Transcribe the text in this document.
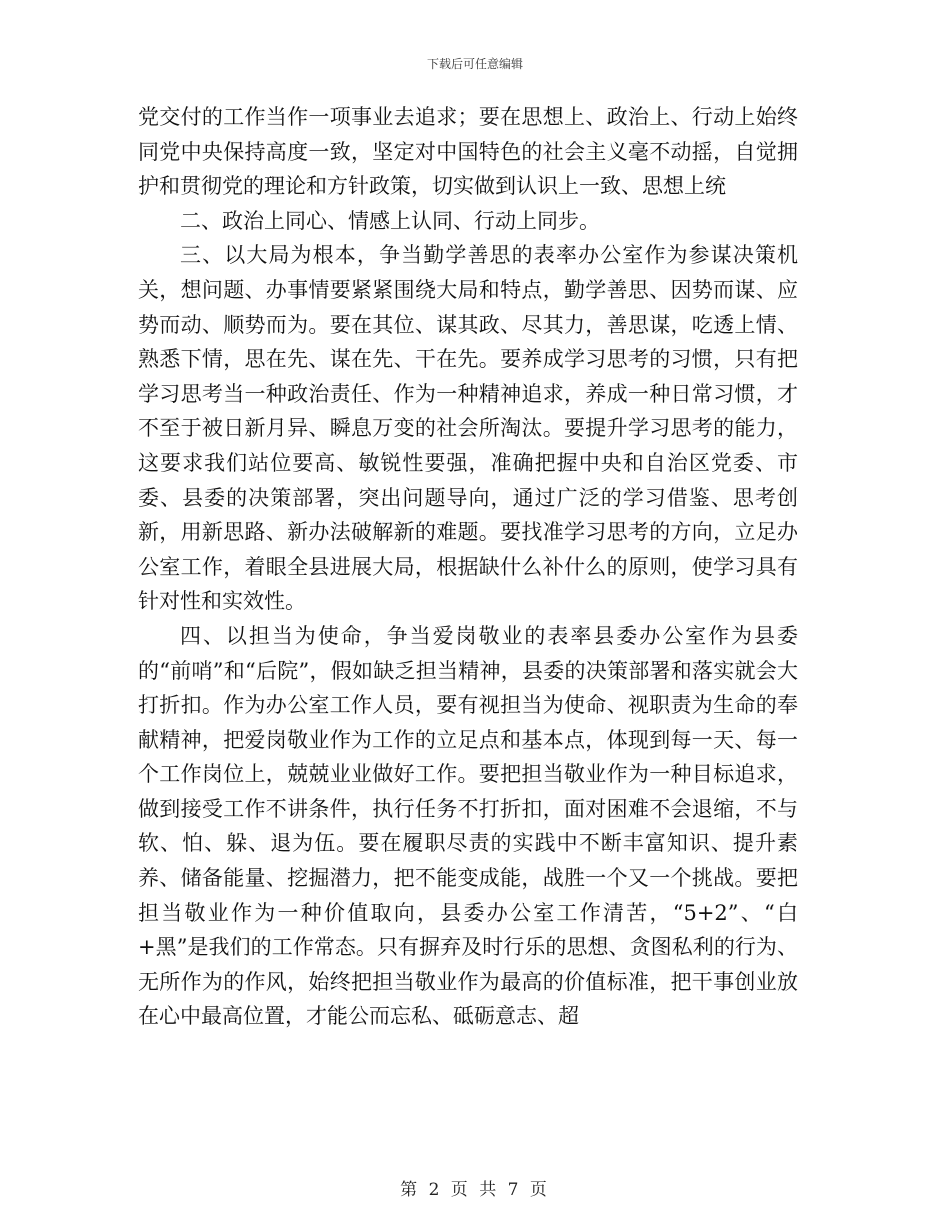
下载后可任意编辑

党交付的工作当作一项事业去追求；要在思想上、政治上、行动上始终同党中央保持高度一致，坚定对中国特色的社会主义毫不动摇，自觉拥护和贯彻党的理论和方针政策，切实做到认识上一致、思想上统

二、政治上同心、情感上认同、行动上同步。

三、以大局为根本，争当勤学善思的表率办公室作为参谋决策机关，想问题、办事情要紧紧围绕大局和特点，勤学善思、因势而谋、应势而动、顺势而为。要在其位、谋其政、尽其力，善思谋，吃透上情、熟悉下情，思在先、谋在先、干在先。要养成学习思考的习惯，只有把学习思考当一种政治责任、作为一种精神追求，养成一种日常习惯，才不至于被日新月异、瞬息万变的社会所淘汰。要提升学习思考的能力，这要求我们站位要高、敏锐性要强，准确把握中央和自治区党委、市委、县委的决策部署，突出问题导向，通过广泛的学习借鉴、思考创新，用新思路、新办法破解新的难题。要找准学习思考的方向，立足办公室工作，着眼全县进展大局，根据缺什么补什么的原则，使学习具有针对性和实效性。

四、以担当为使命，争当爱岗敬业的表率县委办公室作为县委的“前哨”和“后院”，假如缺乏担当精神，县委的决策部署和落实就会大打折扣。作为办公室工作人员，要有视担当为使命、视职责为生命的奉献精神，把爱岗敬业作为工作的立足点和基本点，体现到每一天、每一个工作岗位上，兢兢业业做好工作。要把担当敬业作为一种目标追求，做到接受工作不讲条件，执行任务不打折扣，面对困难不会退缩，不与软、怕、躲、退为伍。要在履职尽责的实践中不断丰富知识、提升素养、储备能量、挖掘潜力，把不能变成能，战胜一个又一个挑战。要把担当敬业作为一种价值取向，县委办公室工作清苦，“5+2”、“白+黑”是我们的工作常态。只有摒弃及时行乐的思想、贪图私利的行为、无所作为的作风，始终把担当敬业作为最高的价值标准，把干事创业放在心中最高位置，才能公而忘私、砥砺意志、超

第 2 页 共 7 页
